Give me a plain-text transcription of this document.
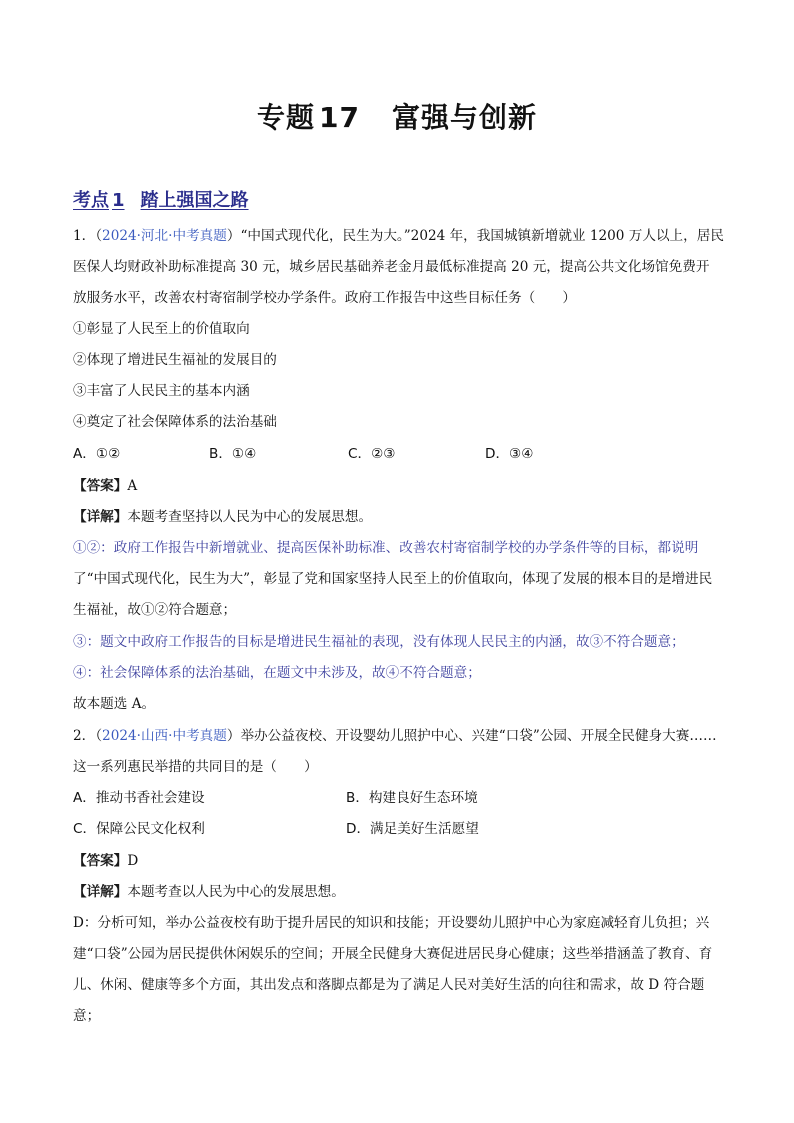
专题 17 富强与创新
考点 1 踏上强国之路
1．（2024·河北·中考真题）“中国式现代化，民生为大。”2024 年，我国城镇新增就业 1200 万人以上，居民
医保人均财政补助标准提高 30 元，城乡居民基础养老金月最低标准提高 20 元，提高公共文化场馆免费开
放服务水平，改善农村寄宿制学校办学条件。政府工作报告中这些目标任务（　　）
①彰显了人民至上的价值取向
②体现了增进民生福祉的发展目的
③丰富了人民民主的基本内涵
④奠定了社会保障体系的法治基础
A．①②	B．①④	C．②③	D．③④
【答案】A
【详解】本题考查坚持以人民为中心的发展思想。
①②：政府工作报告中新增就业、提高医保补助标准、改善农村寄宿制学校的办学条件等的目标，都说明
了“中国式现代化，民生为大”，彰显了党和国家坚持人民至上的价值取向，体现了发展的根本目的是增进民
生福祉，故①②符合题意；
③：题文中政府工作报告的目标是增进民生福祉的表现，没有体现人民民主的内涵，故③不符合题意；
④：社会保障体系的法治基础，在题文中未涉及，故④不符合题意；
故本题选 A。
2．（2024·山西·中考真题）举办公益夜校、开设婴幼儿照护中心、兴建“口袋”公园、开展全民健身大赛……
这一系列惠民举措的共同目的是（　　）
A．推动书香社会建设	B．构建良好生态环境
C．保障公民文化权利	D．满足美好生活愿望
【答案】D
【详解】本题考查以人民为中心的发展思想。
D：分析可知，举办公益夜校有助于提升居民的知识和技能；开设婴幼儿照护中心为家庭减轻育儿负担；兴
建“口袋”公园为居民提供休闲娱乐的空间；开展全民健身大赛促进居民身心健康；这些举措涵盖了教育、育
儿、休闲、健康等多个方面，其出发点和落脚点都是为了满足人民对美好生活的向往和需求，故 D 符合题
意；
